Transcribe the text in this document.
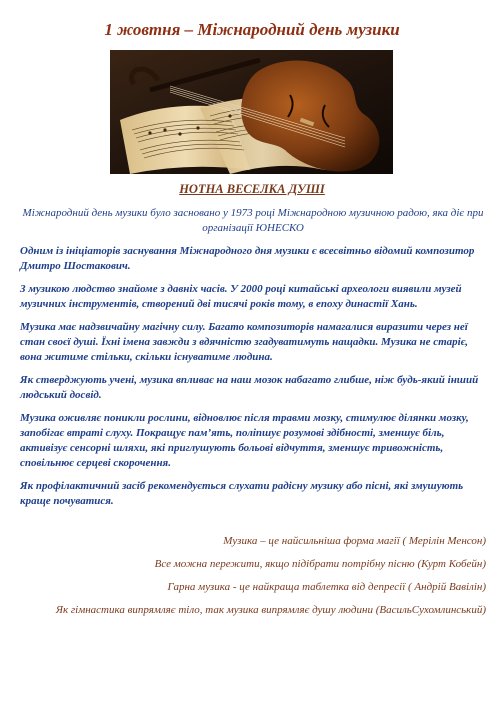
1 жовтня – Міжнародний день музики
НОТНА ВЕСЕЛКА ДУШІ

Міжнародний день музики було засновано у 1973 році Міжнародною музичною радою, яка діє при організації ЮНЕСКО

Одним із ініціаторів заснування Міжнародного дня музики є всесвітньо відомий композитор Дмитро Шостакович.

З музикою людство знайоме з давніх часів. У 2000 році китайські археологи виявили музей музичних інструментів, створений дві тисячі років тому, в епоху династії Хань.

Музика має надзвичайну магічну силу. Багато композиторів намагалися виразити через неї стан своєї душі. Їхні імена завжди з вдячністю згадуватимуть нащадки. Музика не старіє, вона житиме стільки, скільки існуватиме людина.

Як стверджують учені, музика впливає на наш мозок набагато глибше, ніж будь-який інший людський досвід.

Музика оживляє поникли рослини, відновлює після травми мозку, стимулює ділянки мозку, запобігає втраті слуху. Покращує пам’ять, поліпшує розумові здібності, зменшує біль, активізує сенсорні шляхи, які приглушують больові відчуття, зменшує тривожність, сповільнює серцеві скорочення.

Як профілактичний засіб рекомендується слухати радісну музику або пісні, які змушують краще почуватися.

Музика – це найсильніша форма магії ( Мерілін Менсон)

Все можна пережити, якщо підібрати потрібну пісню (Курт Кобейн)

Гарна музика - це найкраща таблетка від депресії ( Андрій Вавілін)

Як гімнастика випрямляє тіло, так музика випрямляє душу людини (ВасильСухомлинський)
